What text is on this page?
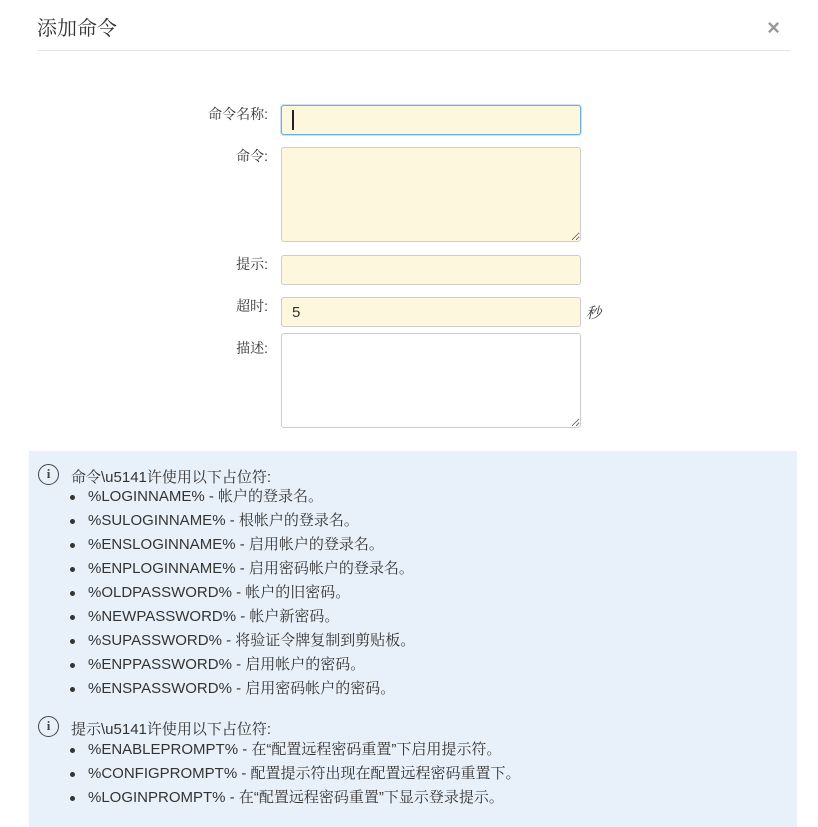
添加命令	×
命令名称:
命令:
提示:
超时:
5	秒
描述:
i	命令\u5141许使用以下占位符:
%LOGINNAME% - 帐户的登录名。
%SULOGINNAME% - 根帐户的登录名。
%ENSLOGINNAME% - 启用帐户的登录名。
%ENPLOGINNAME% - 启用密码帐户的登录名。
%OLDPASSWORD% - 帐户的旧密码。
%NEWPASSWORD% - 帐户新密码。
%SUPASSWORD% - 将验证令牌复制到剪贴板。
%ENPPASSWORD% - 启用帐户的密码。
%ENSPASSWORD% - 启用密码帐户的密码。
i	提示\u5141许使用以下占位符:
%ENABLEPROMPT% - 在“配置远程密码重置”下启用提示符。
%CONFIGPROMPT% - 配置提示符出现在配置远程密码重置下。
%LOGINPROMPT% - 在“配置远程密码重置”下显示登录提示。
